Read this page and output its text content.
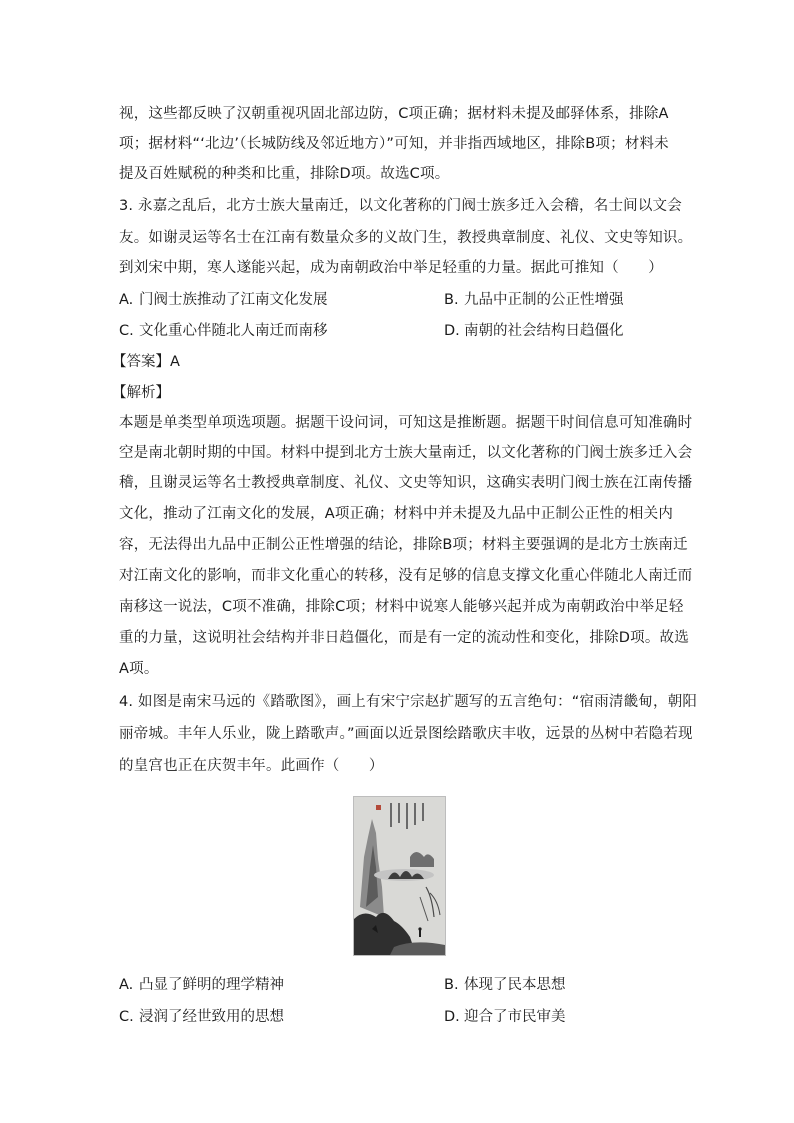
视，这些都反映了汉朝重视巩固北部边防，C项正确；据材料未提及邮驿体系，排除A
项；据材料“‘北边’（长城防线及邻近地方）”可知，并非指西域地区，排除B项；材料未
提及百姓赋税的种类和比重，排除D项。故选C项。
3. 永嘉之乱后，北方士族大量南迁，以文化著称的门阀士族多迁入会稽，名士间以文会
友。如谢灵运等名士在江南有数量众多的义故门生，教授典章制度、礼仪、文史等知识。
到刘宋中期，寒人遂能兴起，成为南朝政治中举足轻重的力量。据此可推知（　　）
A. 门阀士族推动了江南文化发展	B. 九品中正制的公正性增强
C. 文化重心伴随北人南迁而南移	D. 南朝的社会结构日趋僵化
【答案】A
【解析】
本题是单类型单项选项题。据题干设问词，可知这是推断题。据题干时间信息可知准确时
空是南北朝时期的中国。材料中提到北方士族大量南迁，以文化著称的门阀士族多迁入会
稽，且谢灵运等名士教授典章制度、礼仪、文史等知识，这确实表明门阀士族在江南传播
文化，推动了江南文化的发展，A项正确；材料中并未提及九品中正制公正性的相关内
容，无法得出九品中正制公正性增强的结论，排除B项；材料主要强调的是北方士族南迁
对江南文化的影响，而非文化重心的转移，没有足够的信息支撑文化重心伴随北人南迁而
南移这一说法，C项不准确，排除C项；材料中说寒人能够兴起并成为南朝政治中举足轻
重的力量，这说明社会结构并非日趋僵化，而是有一定的流动性和变化，排除D项。故选
A项。
4. 如图是南宋马远的《踏歌图》，画上有宋宁宗赵扩题写的五言绝句：“宿雨清畿甸，朝阳
丽帝城。丰年人乐业，陇上踏歌声。”画面以近景图绘踏歌庆丰收，远景的丛树中若隐若现
的皇宫也正在庆贺丰年。此画作（　　）
A. 凸显了鲜明的理学精神	B. 体现了民本思想
C. 浸润了经世致用的思想	D. 迎合了市民审美
